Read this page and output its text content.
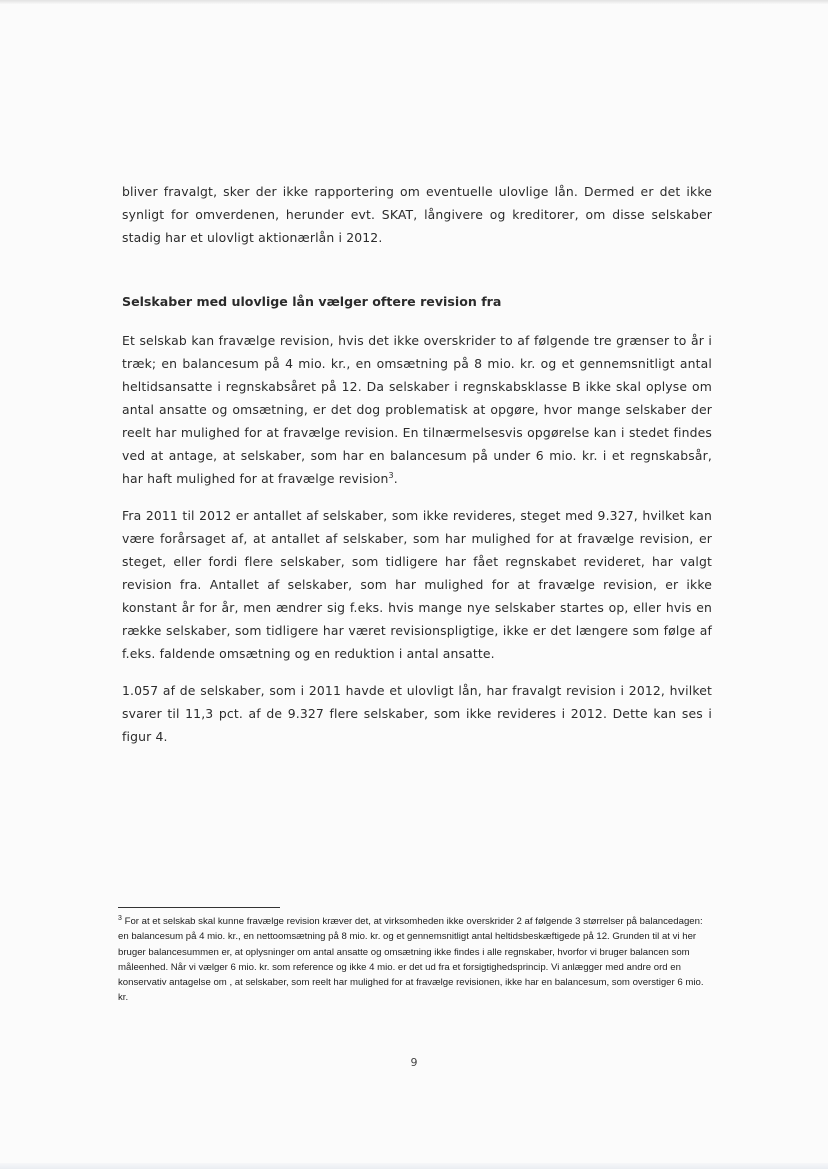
bliver fravalgt, sker der ikke rapportering om eventuelle ulovlige lån. Dermed er det ikke synligt for omverdenen, herunder evt. SKAT, långivere og kreditorer, om disse selskaber stadig har et ulovligt aktionærlån i 2012.

Selskaber med ulovlige lån vælger oftere revision fra

Et selskab kan fravælge revision, hvis det ikke overskrider to af følgende tre grænser to år i træk; en balancesum på 4 mio. kr., en omsætning på 8 mio. kr. og et gennemsnitligt antal heltidsansatte i regnskabsåret på 12. Da selskaber i regnskabsklasse B ikke skal oplyse om antal ansatte og omsætning, er det dog problematisk at opgøre, hvor mange selskaber der reelt har mulighed for at fravælge revision. En tilnærmelsesvis opgørelse kan i stedet findes ved at antage, at selskaber, som har en balancesum på under 6 mio. kr. i et regnskabsår, har haft mulighed for at fravælge revision$^3$.

Fra 2011 til 2012 er antallet af selskaber, som ikke revideres, steget med 9.327, hvilket kan være forårsaget af, at antallet af selskaber, som har mulighed for at fravælge revision, er steget, eller fordi flere selskaber, som tidligere har fået regnskabet revideret, har valgt revision fra. Antallet af selskaber, som har mulighed for at fravælge revision, er ikke konstant år for år, men ændrer sig f.eks. hvis mange nye selskaber startes op, eller hvis en række selskaber, som tidligere har været revisionspligtige, ikke er det længere som følge af f.eks. faldende omsætning og en reduktion i antal ansatte.

1.057 af de selskaber, som i 2011 havde et ulovligt lån, har fravalgt revision i 2012, hvilket svarer til 11,3 pct. af de 9.327 flere selskaber, som ikke revideres i 2012. Dette kan ses i figur 4.

$^3$ For at et selskab skal kunne fravælge revision kræver det, at virksomheden ikke overskrider 2 af følgende 3 størrelser på balancedagen: en balancesum på 4 mio. kr., en nettoomsætning på 8 mio. kr. og et gennemsnitligt antal heltidsbeskæftigede på 12. Grunden til at vi her bruger balancesummen er, at oplysninger om antal ansatte og omsætning ikke findes i alle regnskaber, hvorfor vi bruger balancen som måleenhed. Når vi vælger 6 mio. kr. som reference og ikke 4 mio. er det ud fra et forsigtighedsprincip. Vi anlægger med andre ord en konservativ antagelse om , at selskaber, som reelt har mulighed for at fravælge revisionen, ikke har en balancesum, som overstiger 6 mio. kr.

9
